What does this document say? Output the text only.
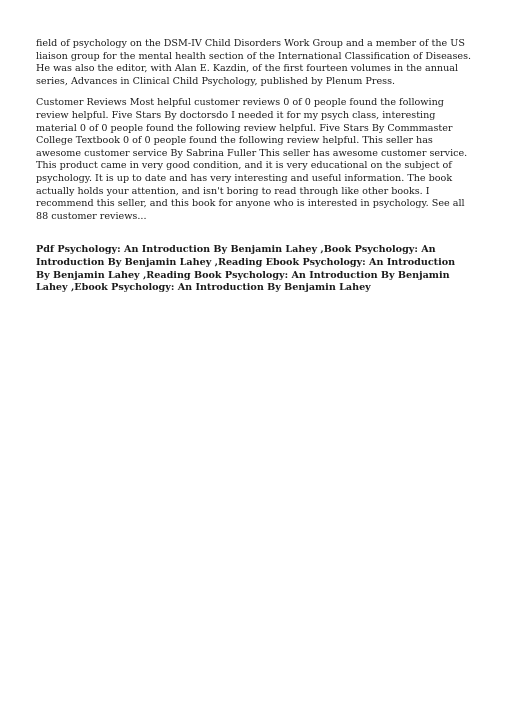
field of psychology on the DSM-IV Child Disorders Work Group and a member of the US liaison group for the mental health section of the International Classification of Diseases. He was also the editor, with Alan E. Kazdin, of the first fourteen volumes in the annual series, Advances in Clinical Child Psychology, published by Plenum Press.

Customer Reviews Most helpful customer reviews 0 of 0 people found the following review helpful. Five Stars By doctorsdo I needed it for my psych class, interesting material 0 of 0 people found the following review helpful. Five Stars By Commmaster College Textbook 0 of 0 people found the following review helpful. This seller has awesome customer service By Sabrina Fuller This seller has awesome customer service. This product came in very good condition, and it is very educational on the subject of psychology. It is up to date and has very interesting and useful information. The book actually holds your attention, and isn't boring to read through like other books. I recommend this seller, and this book for anyone who is interested in psychology. See all 88 customer reviews...

Pdf Psychology: An Introduction By Benjamin Lahey ,Book Psychology: An Introduction By Benjamin Lahey ,Reading Ebook Psychology: An Introduction By Benjamin Lahey ,Reading Book Psychology: An Introduction By Benjamin Lahey ,Ebook Psychology: An Introduction By Benjamin Lahey
